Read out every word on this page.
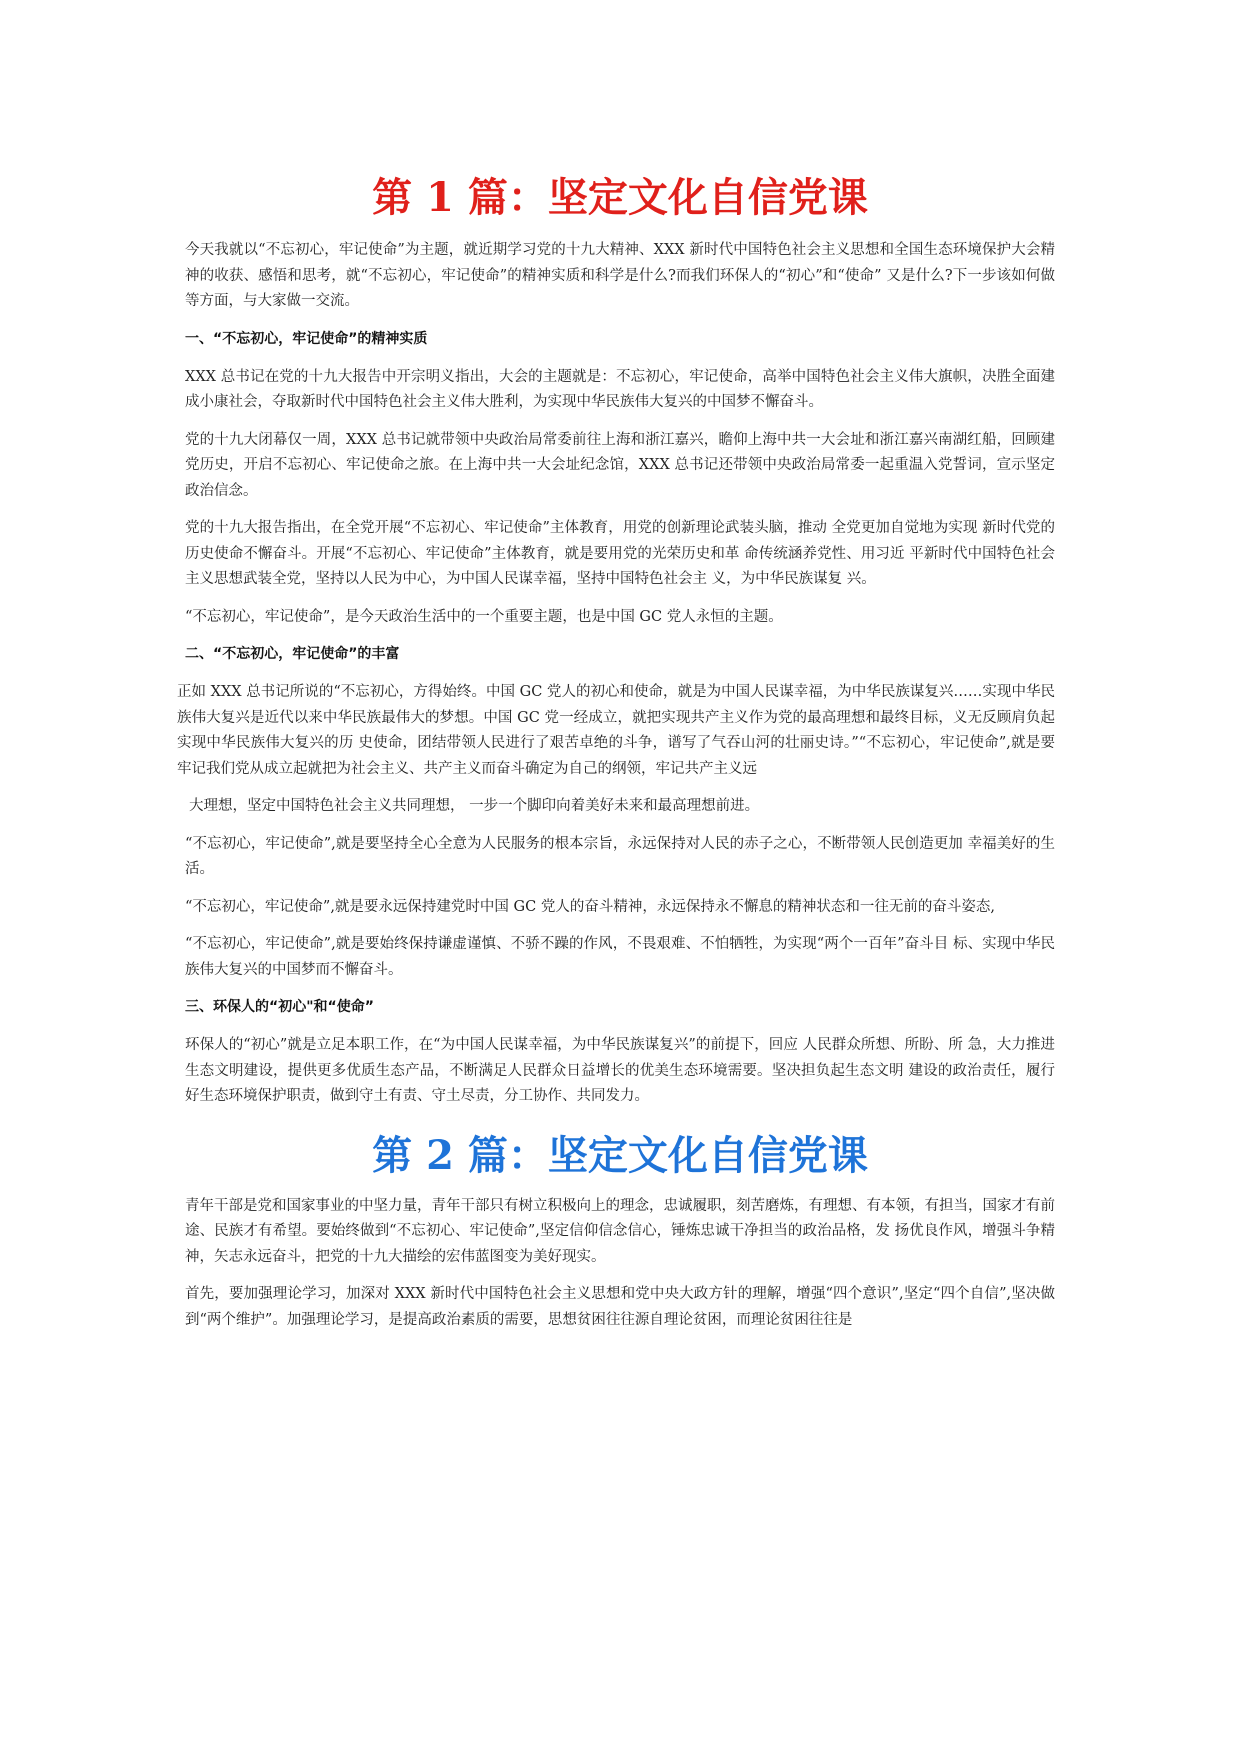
第 1 篇：坚定文化自信党课

今天我就以“不忘初心，牢记使命”为主题，就近期学习党的十九大精神、XXX 新时代中国特色社会主义思想和全国生态环境保护大会精神的收获、感悟和思考，就“不忘初心，牢记使命”的精神实质和科学是什么?而我们环保人的“初心”和“使命” 又是什么?下一步该如何做等方面，与大家做一交流。

一、“不忘初心，牢记使命”的精神实质

XXX 总书记在党的十九大报告中开宗明义指出，大会的主题就是：不忘初心，牢记使命，高举中国特色社会主义伟大旗帜，决胜全面建成小康社会，夺取新时代中国特色社会主义伟大胜利，为实现中华民族伟大复兴的中国梦不懈奋斗。

党的十九大闭幕仅一周，XXX 总书记就带领中央政治局常委前往上海和浙江嘉兴，瞻仰上海中共一大会址和浙江嘉兴南湖红船，回顾建党历史，开启不忘初心、牢记使命之旅。在上海中共一大会址纪念馆，XXX 总书记还带领中央政治局常委一起重温入党誓词，宣示坚定政治信念。

党的十九大报告指出，在全党开展“不忘初心、牢记使命”主体教育，用党的创新理论武装头脑，推动 全党更加自觉地为实现 新时代党的历史使命不懈奋斗。开展“不忘初心、牢记使命”主体教育，就是要用党的光荣历史和革 命传统涵养党性、用习近 平新时代中国特色社会主义思想武装全党，坚持以人民为中心，为中国人民谋幸福，坚持中国特色社会主 义，为中华民族谋复 兴。

“不忘初心，牢记使命”，是今天政治生活中的一个重要主题，也是中国 GC 党人永恒的主题。

二、“不忘初心，牢记使命”的丰富

正如 XXX 总书记所说的“不忘初心，方得始终。中国 GC 党人的初心和使命，就是为中国人民谋幸福，为中华民族谋复兴……实现中华民族伟大复兴是近代以来中华民族最伟大的梦想。中国 GC 党一经成立，就把实现共产主义作为党的最高理想和最终目标，义无反顾肩负起实现中华民族伟大复兴的历 史使命，团结带领人民进行了艰苦卓绝的斗争，谱写了气吞山河的壮丽史诗。”“不忘初心，牢记使命”,就是要牢记我们党从成立起就把为社会主义、共产主义而奋斗确定为自己的纲领，牢记共产主义远

大理想，坚定中国特色社会主义共同理想， 一步一个脚印向着美好未来和最高理想前进。

“不忘初心，牢记使命”,就是要坚持全心全意为人民服务的根本宗旨，永远保持对人民的赤子之心，不断带领人民创造更加 幸福美好的生活。

“不忘初心，牢记使命”,就是要永远保持建党时中国 GC 党人的奋斗精神，永远保持永不懈息的精神状态和一往无前的奋斗姿态,

“不忘初心，牢记使命”,就是要始终保持谦虚谨慎、不骄不躁的作风，不畏艰难、不怕牺牲，为实现“两个一百年”奋斗目 标、实现中华民族伟大复兴的中国梦而不懈奋斗。

三、环保人的“初心"和“使命”

环保人的“初心”就是立足本职工作，在“为中国人民谋幸福，为中华民族谋复兴”的前提下，回应 人民群众所想、所盼、所 急，大力推进生态文明建设，提供更多优质生态产品，不断满足人民群众日益增长的优美生态环境需要。坚决担负起生态文明 建设的政治责任，履行好生态环境保护职责，做到守土有责、守土尽责，分工协作、共同发力。

第 2 篇：坚定文化自信党课

青年干部是党和国家事业的中坚力量，青年干部只有树立积极向上的理念，忠诚履职，刻苦磨炼，有理想、有本领，有担当，国家才有前途、民族才有希望。要始终做到“不忘初心、牢记使命”,坚定信仰信念信心，锤炼忠诚干净担当的政治品格，发 扬优良作风，增强斗争精神，矢志永远奋斗，把党的十九大描绘的宏伟蓝图变为美好现实。

首先，要加强理论学习，加深对 XXX 新时代中国特色社会主义思想和党中央大政方针的理解，增强“四个意识”,坚定“四个自信”,坚决做到“两个维护”。加强理论学习，是提高政治素质的需要，思想贫困往往源自理论贫困，而理论贫困往往是
